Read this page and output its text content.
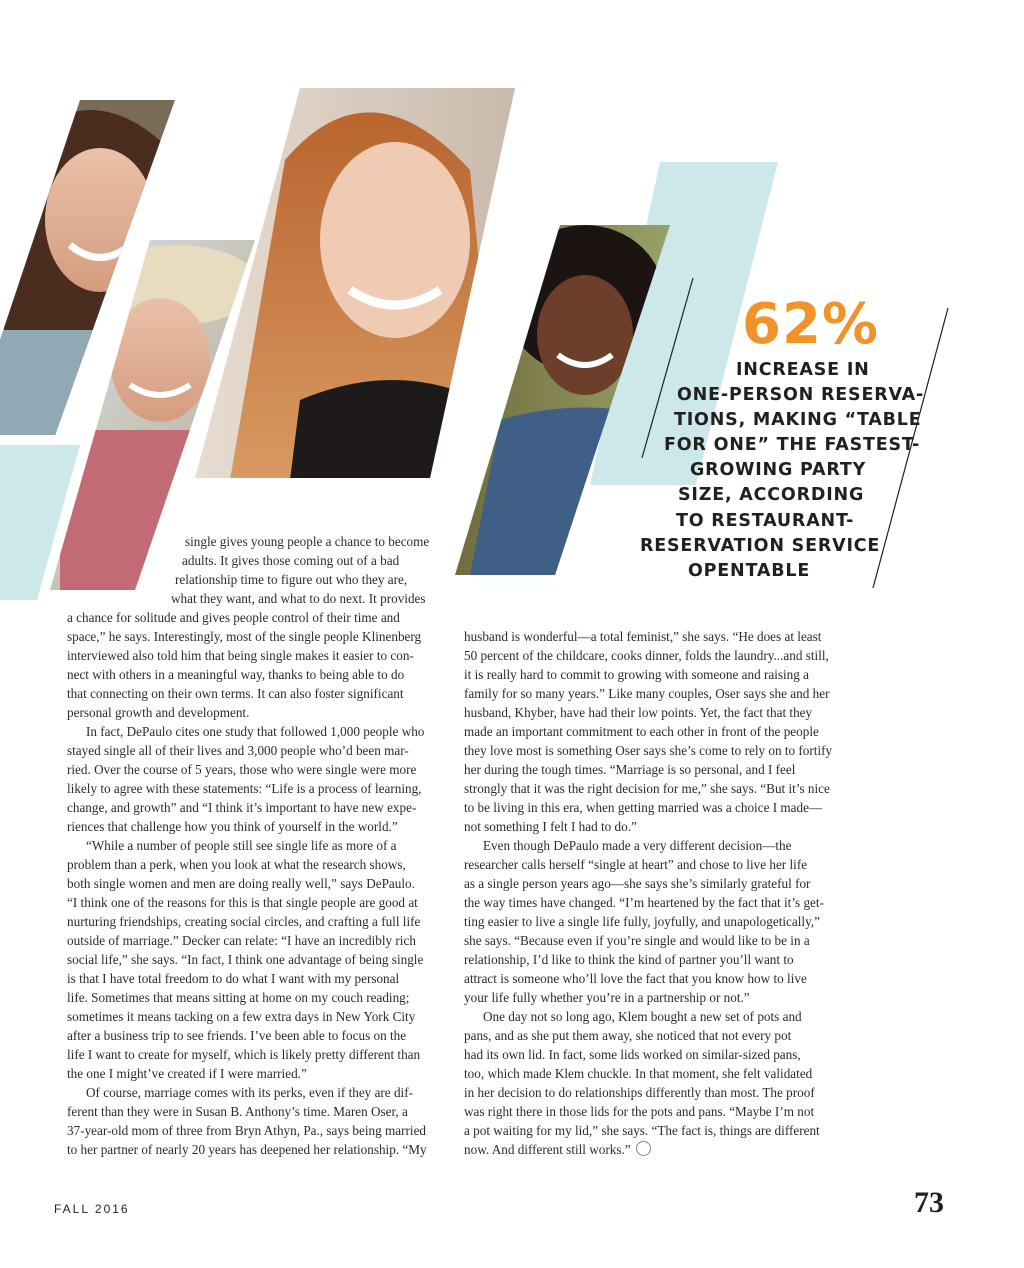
62%
INCREASE IN
ONE-PERSON RESERVA-
TIONS, MAKING “TABLE
FOR ONE” THE FASTEST-
GROWING PARTY
SIZE, ACCORDING
TO RESTAURANT-
RESERVATION SERVICE
OPENTABLE
single gives young people a chance to become
adults. It gives those coming out of a bad
relationship time to figure out who they are,
what they want, and what to do next. It provides
a chance for solitude and gives people control of their time and
space,” he says. Interestingly, most of the single people Klinenberg
interviewed also told him that being single makes it easier to con-
nect with others in a meaningful way, thanks to being able to do
that connecting on their own terms. It can also foster significant
personal growth and development.
In fact, DePaulo cites one study that followed 1,000 people who
stayed single all of their lives and 3,000 people who’d been mar-
ried. Over the course of 5 years, those who were single were more
likely to agree with these statements: “Life is a process of learning,
change, and growth” and “I think it’s important to have new expe-
riences that challenge how you think of yourself in the world.”
“While a number of people still see single life as more of a
problem than a perk, when you look at what the research shows,
both single women and men are doing really well,” says DePaulo.
“I think one of the reasons for this is that single people are good at
nurturing friendships, creating social circles, and crafting a full life
outside of marriage.” Decker can relate: “I have an incredibly rich
social life,” she says. “In fact, I think one advantage of being single
is that I have total freedom to do what I want with my personal
life. Sometimes that means sitting at home on my couch reading;
sometimes it means tacking on a few extra days in New York City
after a business trip to see friends. I’ve been able to focus on the
life I want to create for myself, which is likely pretty different than
the one I might’ve created if I were married.”
Of course, marriage comes with its perks, even if they are dif-
ferent than they were in Susan B. Anthony’s time. Maren Oser, a
37-year-old mom of three from Bryn Athyn, Pa., says being married
to her partner of nearly 20 years has deepened her relationship. “My
husband is wonderful—a total feminist,” she says. “He does at least
50 percent of the childcare, cooks dinner, folds the laundry...and still,
it is really hard to commit to growing with someone and raising a
family for so many years.” Like many couples, Oser says she and her
husband, Khyber, have had their low points. Yet, the fact that they
made an important commitment to each other in front of the people
they love most is something Oser says she’s come to rely on to fortify
her during the tough times. “Marriage is so personal, and I feel
strongly that it was the right decision for me,” she says. “But it’s nice
to be living in this era, when getting married was a choice I made—
not something I felt I had to do.”
Even though DePaulo made a very different decision—the
researcher calls herself “single at heart” and chose to live her life
as a single person years ago—she says she’s similarly grateful for
the way times have changed. “I’m heartened by the fact that it’s get-
ting easier to live a single life fully, joyfully, and unapologetically,”
she says. “Because even if you’re single and would like to be in a
relationship, I’d like to think the kind of partner you’ll want to
attract is someone who’ll love the fact that you know how to live
your life fully whether you’re in a partnership or not.”
One day not so long ago, Klem bought a new set of pots and
pans, and as she put them away, she noticed that not every pot
had its own lid. In fact, some lids worked on similar-sized pans,
too, which made Klem chuckle. In that moment, she felt validated
in her decision to do relationships differently than most. The proof
was right there in those lids for the pots and pans. “Maybe I’m not
a pot waiting for my lid,” she says. “The fact is, things are different
now. And different still works.”
FALL 2016	73
